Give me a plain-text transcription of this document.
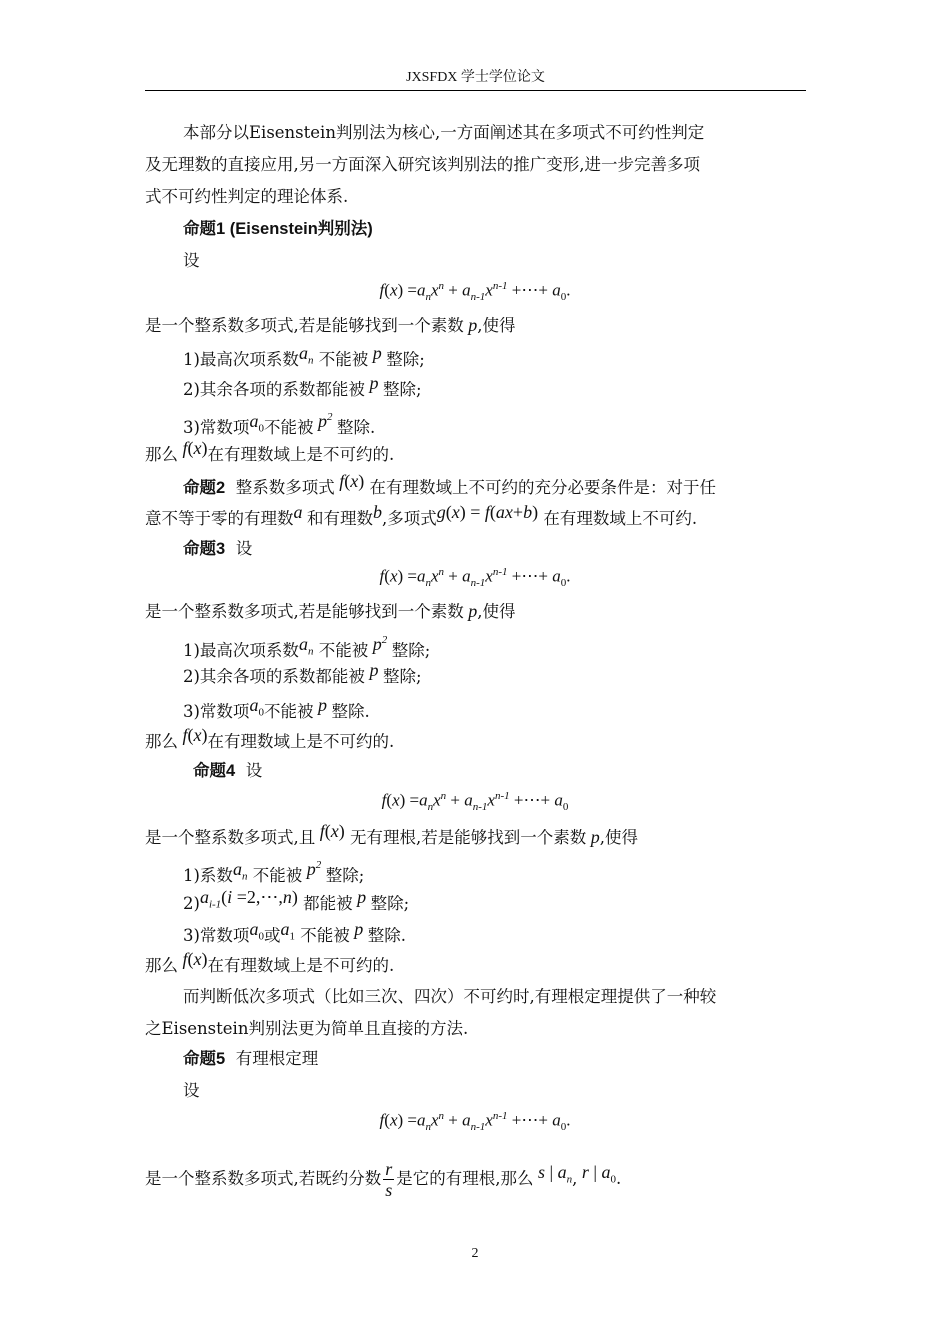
JXSFDX 学士学位论文
本部分以Eisenstein判别法为核心,一方面阐述其在多项式不可约性判定
及无理数的直接应用,另一方面深入研究该判别法的推广变形,进一步完善多项
式不可约性判定的理论体系.
命题1 (Eisenstein判别法)
设
$f(x) =a_nx^n + a_{n-1}x^{n-1}$ +⋯+ $a_0$.
是一个整系数多项式,若是能够找到一个素数 p,使得
1)最高次项系数$a_n$ 不能被 p 整除;
2)其余各项的系数都能被 p 整除;
3)常数项$a_0$不能被 $p^2$ 整除.
那么 f(x)在有理数域上是不可约的.
命题2 整系数多项式 f(x) 在有理数域上不可约的充分必要条件是：对于任
意不等于零的有理数a 和有理数b,多项式g(x) = f(ax+b) 在有理数域上不可约.
命题3 设
$f(x) =a_nx^n + a_{n-1}x^{n-1}$ +⋯+ $a_0$.
是一个整系数多项式,若是能够找到一个素数 p,使得
1)最高次项系数$a_n$ 不能被 $p^2$ 整除;
2)其余各项的系数都能被 p 整除;
3)常数项$a_0$不能被 p 整除.
那么 f(x)在有理数域上是不可约的.
命题4 设
$f(x) =a_nx^n + a_{n-1}x^{n-1}$ +⋯+ $a_0$
是一个整系数多项式,且 f(x) 无有理根,若是能够找到一个素数 p,使得
1)系数$a_n$ 不能被 $p^2$ 整除;
$2)a_{i-1}(i$ =2,⋯,n) 都能被 p 整除;
3)常数项$a_0$或$a_1$ 不能被 p 整除.
那么 f(x)在有理数域上是不可约的.
而判断低次多项式（比如三次、四次）不可约时,有理根定理提供了一种较
之Eisenstein判别法更为简单且直接的方法.
命题5 有理根定理
设
$f(x) =a_nx^n + a_{n-1}x^{n-1}$ +⋯+ $a_0$.
是一个整系数多项式,若既约分数 $\frac{r}{s}$ 是它的有理根,那么 s | $a_n$, r | $a_0$.
2
